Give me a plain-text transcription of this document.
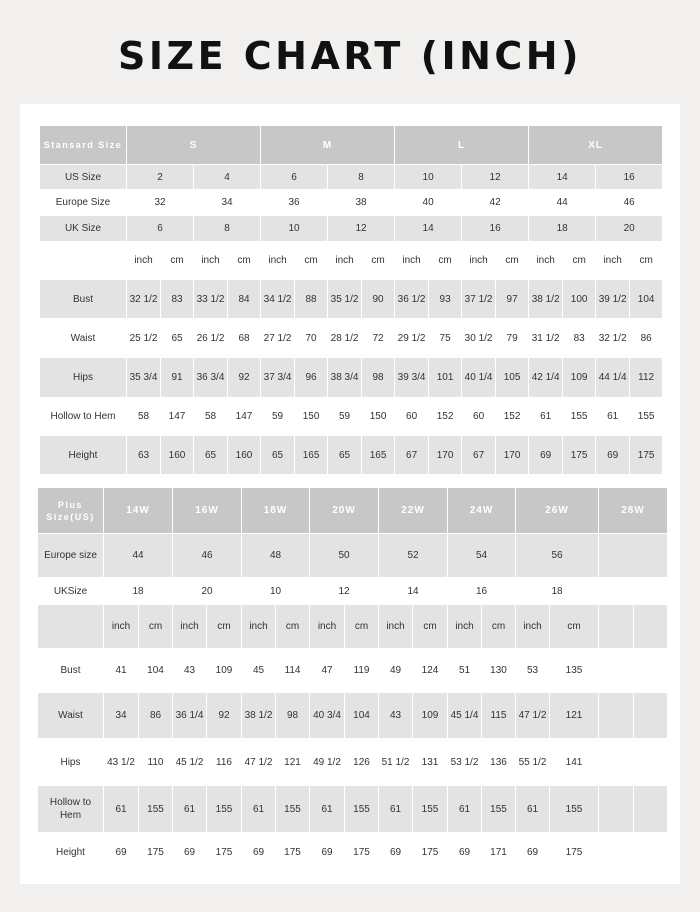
SIZE CHART (INCH)
Stansard Size	S				M				L				XL			
US Size	2		4		6		8		10		12		14		16	
Europe Size	32		34		36		38		40		42		44		46	
UK Size	6		8		10		12		14		16		18		20	
	inch	cm	inch	cm	inch	cm	inch	cm	inch	cm	inch	cm	inch	cm	inch	cm
Bust	32 1/2	83	33 1/2	84	34 1/2	88	35 1/2	90	36 1/2	93	37 1/2	97	38 1/2	100	39 1/2	104
Waist	25 1/2	65	26 1/2	68	27 1/2	70	28 1/2	72	29 1/2	75	30 1/2	79	31 1/2	83	32 1/2	86
Hips	35 3/4	91	36 3/4	92	37 3/4	96	38 3/4	98	39 3/4	101	40 1/4	105	42 1/4	109	44 1/4	112
Hollow to Hem	58	147	58	147	59	150	59	150	60	152	60	152	61	155	61	155
Height	63	160	65	160	65	165	65	165	67	170	67	170	69	175	69	175
Plus Size(US)	14W		16W		18W		20W		22W		24W		26W		28W	
Europe size	44		46		48		50		52		54		56			
UKSize	18		20		10		12		14		16		18			
	inch	cm	inch	cm	inch	cm	inch	cm	inch	cm	inch	cm	inch	cm		
Bust	41	104	43	109	45	114	47	119	49	124	51	130	53	135		
Waist	34	86	36 1/4	92	38 1/2	98	40 3/4	104	43	109	45 1/4	115	47 1/2	121		
Hips	43 1/2	110	45 1/2	116	47 1/2	121	49 1/2	126	51 1/2	131	53 1/2	136	55 1/2	141		
Hollow to Hem	61	155	61	155	61	155	61	155	61	155	61	155	61	155		
Height	69	175	69	175	69	175	69	175	69	175	69	171	69	175		
